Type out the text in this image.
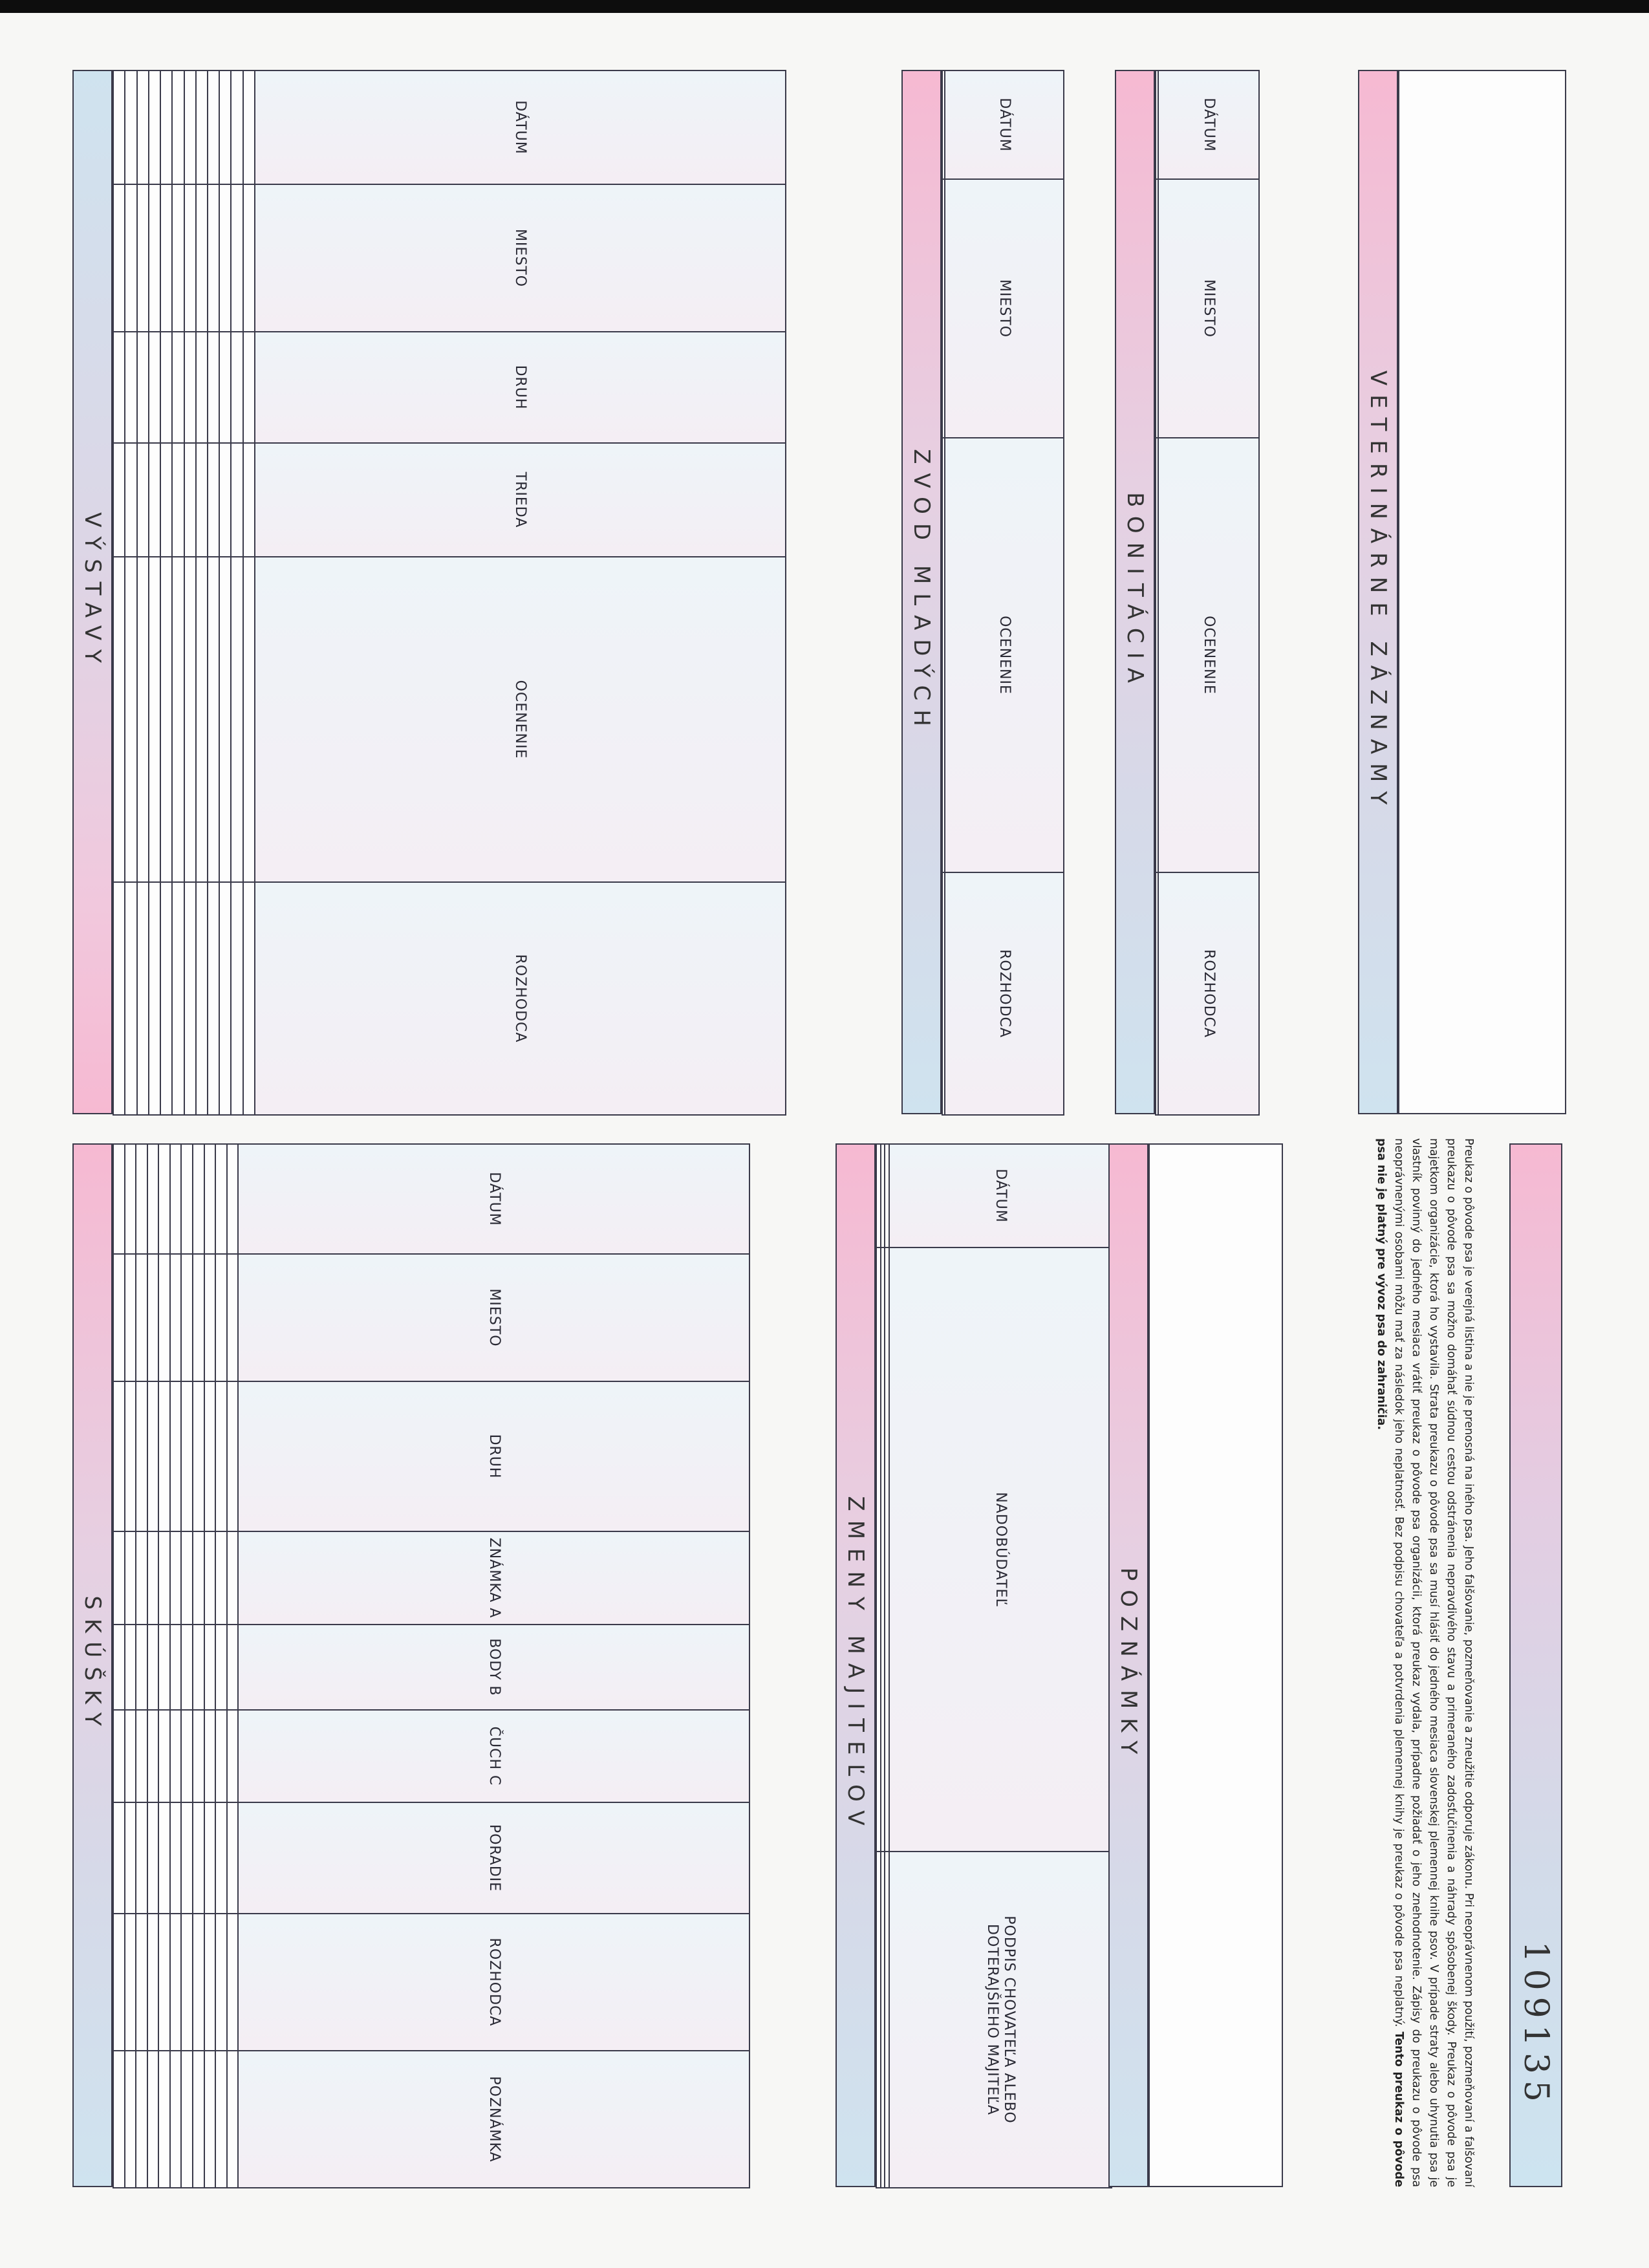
VÝSTAVY
DÁTUM	MIESTO	DRUH	TRIEDA	OCENENIE	ROZHODCA

SKÚŠKY
DÁTUM	MIESTO	DRUH	ZNÁMKA A	BODY B	ČUCH C	PORADIE	ROZHODCA	POZNÁMKA

ZVOD MLADÝCH
DÁTUM	MIESTO	OCENENIE	ROZHODCA

ZMENY MAJITEĽOV
DÁTUM	NADOBÚDATEĽ	PODPIS CHOVATEĽA ALEBO DOTERAJŠIEHO MAJITEĽA

BONITÁCIA
DÁTUM	MIESTO	OCENENIE	ROZHODCA

POZNÁMKY
VETERINÁRNE ZÁZNAMY
Preukaz o pôvode psa je verejná listina a nie je prenosná na iného psa. Jeho falšovanie, pozmeňovanie a zneužitie odporuje zákonu. Pri neoprávnenom použití, pozmeňovaní a falšovaní preukazu o pôvode psa sa možno domáhať súdnou cestou odstránenia nepravdivého stavu a primeraného zadosťučinenia a náhrady spôsobenej škody. Preukaz o pôvode psa je majetkom organizácie, ktorá ho vystavila. Strata preukazu o pôvode psa sa musí hlásiť do jedného mesiaca slovenskej plemennej knihe psov. V prípade straty alebo uhynutia psa je vlastník povinný do jedného mesiaca vrátiť preukaz o pôvode psa organizácii, ktorá preukaz vydala, prípadne požiadať o jeho znehodnotenie. Zápisy do preukazu o pôvode psa neoprávnenými osobami môžu mať za následok jeho neplatnosť. Bez podpisu chovateľa a potvrdenia plemennej knihy je preukaz o pôvode psa neplatný. Tento preukaz o pôvode psa nie je platný pre vývoz psa do zahraničia.
109135
